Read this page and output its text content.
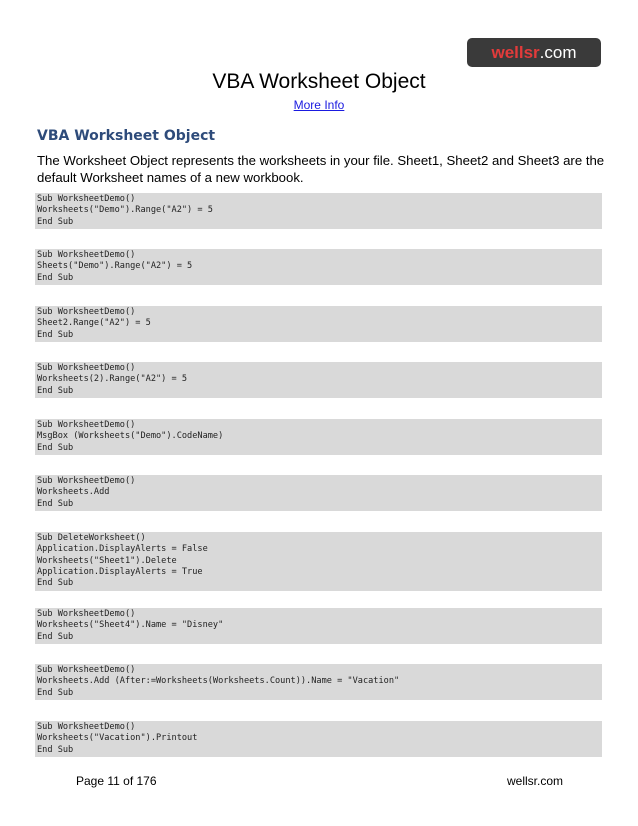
wellsr.com
VBA Worksheet Object
More Info
VBA Worksheet Object
The Worksheet Object represents the worksheets in your file. Sheet1, Sheet2 and Sheet3 are the default Worksheet names of a new workbook.
Sub WorksheetDemo()
Worksheets("Demo").Range("A2") = 5
End Sub
Sub WorksheetDemo()
Sheets("Demo").Range("A2") = 5
End Sub
Sub WorksheetDemo()
Sheet2.Range("A2") = 5
End Sub
Sub WorksheetDemo()
Worksheets(2).Range("A2") = 5
End Sub
Sub WorksheetDemo()
MsgBox (Worksheets("Demo").CodeName)
End Sub
Sub WorksheetDemo()
Worksheets.Add
End Sub
Sub DeleteWorksheet()
Application.DisplayAlerts = False
Worksheets("Sheet1").Delete
Application.DisplayAlerts = True
End Sub
Sub WorksheetDemo()
Worksheets("Sheet4").Name = "Disney"
End Sub
Sub WorksheetDemo()
Worksheets.Add (After:=Worksheets(Worksheets.Count)).Name = "Vacation"
End Sub
Sub WorksheetDemo()
Worksheets("Vacation").Printout
End Sub
Page 11 of 176	wellsr.com
